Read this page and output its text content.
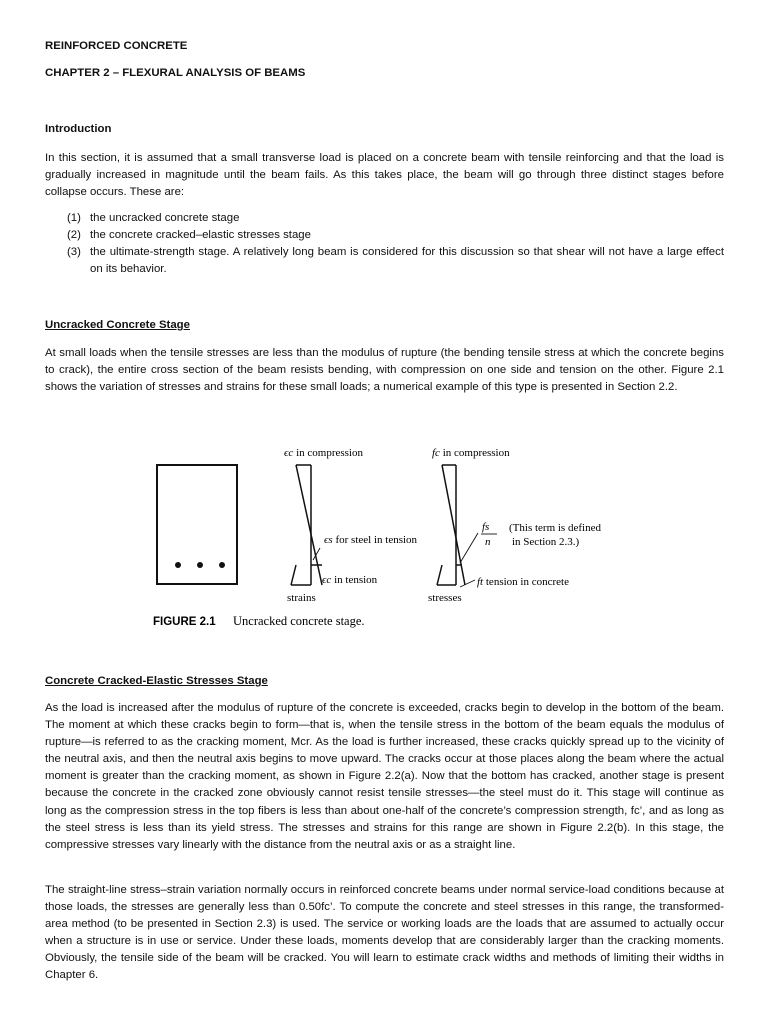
REINFORCED CONCRETE
CHAPTER 2 – FLEXURAL ANALYSIS OF BEAMS
Introduction

In this section, it is assumed that a small transverse load is placed on a concrete beam with tensile reinforcing and that the load is gradually increased in magnitude until the beam fails. As this takes place, the beam will go through three distinct stages before collapse occurs. These are:

(1) the uncracked concrete stage
(2) the concrete cracked–elastic stresses stage
(3) the ultimate-strength stage. A relatively long beam is considered for this discussion so that shear will not have a large effect on its behavior.
Uncracked Concrete Stage

At small loads when the tensile stresses are less than the modulus of rupture (the bending tensile stress at which the concrete begins to crack), the entire cross section of the beam resists bending, with compression on one side and tension on the other. Figure 2.1 shows the variation of stresses and strains for these small loads; a numerical example of this type is presented in Section 2.2.

Concrete Cracked-Elastic Stresses Stage

As the load is increased after the modulus of rupture of the concrete is exceeded, cracks begin to develop in the bottom of the beam. The moment at which these cracks begin to form—that is, when the tensile stress in the bottom of the beam equals the modulus of rupture—is referred to as the cracking moment, Mcr. As the load is further increased, these cracks quickly spread up to the vicinity of the neutral axis, and then the neutral axis begins to move upward. The cracks occur at those places along the beam where the actual moment is greater than the cracking moment, as shown in Figure 2.2(a). Now that the bottom has cracked, another stage is present because the concrete in the cracked zone obviously cannot resist tensile stresses—the steel must do it. This stage will continue as long as the compression stress in the top fibers is less than about one-half of the concrete’s compression strength, fc’, and as long as the steel stress is less than its yield stress. The stresses and strains for this range are shown in Figure 2.2(b). In this stage, the compressive stresses vary linearly with the distance from the neutral axis or as a straight line.

The straight-line stress–strain variation normally occurs in reinforced concrete beams under normal service-load conditions because at those loads, the stresses are generally less than 0.50fc’. To compute the concrete and steel stresses in this range, the transformed-area method (to be presented in Section 2.3) is used. The service or working loads are the loads that are assumed to actually occur when a structure is in use or service. Under these loads, moments develop that are considerably larger than the cracking moments. Obviously, the tensile side of the beam will be cracked. You will learn to estimate crack widths and methods of limiting their widths in Chapter 6.

ϵc in compression	fc in compression
ϵs for steel in tension
ϵc in tension
fs
n
(This term is defined
in Section 2.3.)
ft tension in concrete
strains	stresses
FIGURE 2.1 Uncracked concrete stage.
